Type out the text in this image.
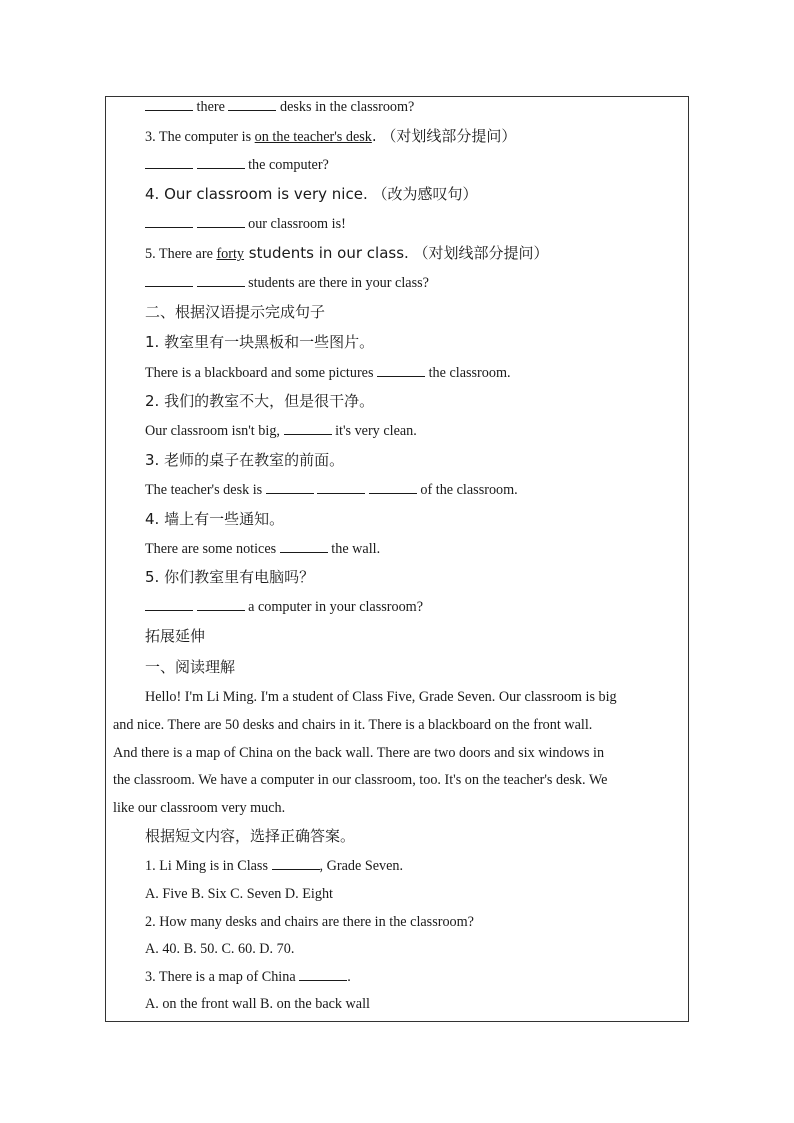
there	desks in the classroom?
3. The computer is on the teacher's desk. （对划线部分提问）
the computer?
4. Our classroom is very nice. （改为感叹句）
our classroom is!
5. There are forty students in our class. （对划线部分提问）
students are there in your class?
二、根据汉语提示完成句子
1. 教室里有一块黑板和一些图片。
There is a blackboard and some pictures	the classroom.
2. 我们的教室不大，但是很干净。
Our classroom isn't big,	it's very clean.
3. 老师的桌子在教室的前面。
The teacher's desk is	of the classroom.
4. 墙上有一些通知。
There are some notices	the wall.
5. 你们教室里有电脑吗？
a computer in your classroom?
拓展延伸
一、阅读理解
Hello! I'm Li Ming. I'm a student of Class Five, Grade Seven. Our classroom is big
and nice. There are 50 desks and chairs in it. There is a blackboard on the front wall.
And there is a map of China on the back wall. There are two doors and six windows in
the classroom. We have a computer in our classroom, too. It's on the teacher's desk. We
like our classroom very much.
根据短文内容，选择正确答案。
1. Li Ming is in Class	, Grade Seven.
A. Five B. Six C. Seven D. Eight
2. How many desks and chairs are there in the classroom?
A. 40. B. 50. C. 60. D. 70.
3. There is a map of China	.
A. on the front wall B. on the back wall
